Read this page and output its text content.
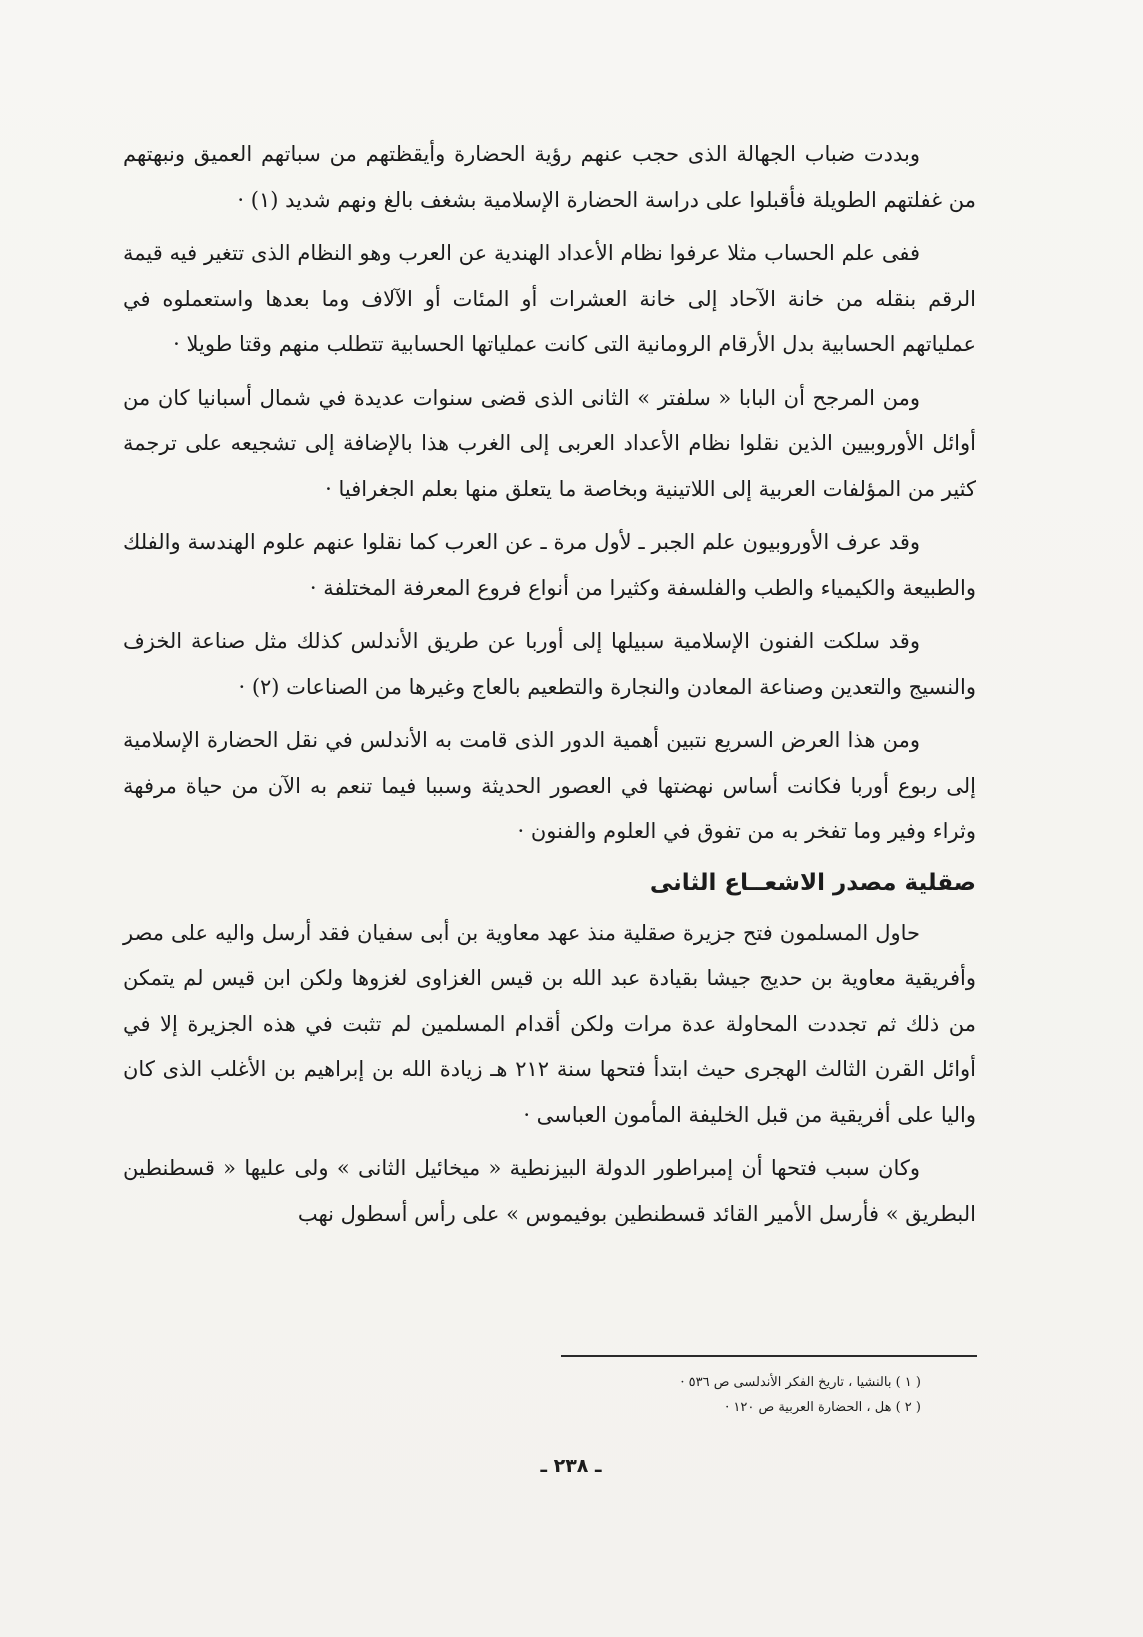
وبددت ضباب الجهالة الذى حجب عنهم رؤية الحضارة وأيقظتهم من سباتهم العميق ونبهتهم من غفلتهم الطويلة فأقبلوا على دراسة الحضارة الإسلامية بشغف بالغ ونهم شديد (١) ·

ففى علم الحساب مثلا عرفوا نظام الأعداد الهندية عن العرب وهو النظام الذى تتغير فيه قيمة الرقم بنقله من خانة الآحاد إلى خانة العشرات أو المئات أو الآلاف وما بعدها واستعملوه في عملياتهم الحسابية بدل الأرقام الرومانية التى كانت عملياتها الحسابية تتطلب منهم وقتا طويلا ·

ومن المرجح أن البابا « سلفتر » الثانى الذى قضى سنوات عديدة في شمال أسبانيا كان من أوائل الأوروبيين الذين نقلوا نظام الأعداد العربى إلى الغرب هذا بالإضافة إلى تشجيعه على ترجمة كثير من المؤلفات العربية إلى اللاتينية وبخاصة ما يتعلق منها بعلم الجغرافيا ·

وقد عرف الأوروبيون علم الجبر ـ لأول مرة ـ عن العرب كما نقلوا عنهم علوم الهندسة والفلك والطبيعة والكيمياء والطب والفلسفة وكثيرا من أنواع فروع المعرفة المختلفة ·

وقد سلكت الفنون الإسلامية سبيلها إلى أوربا عن طريق الأندلس كذلك مثل صناعة الخزف والنسيج والتعدين وصناعة المعادن والنجارة والتطعيم بالعاج وغيرها من الصناعات (٢) ·

ومن هذا العرض السريع نتبين أهمية الدور الذى قامت به الأندلس في نقل الحضارة الإسلامية إلى ربوع أوربا فكانت أساس نهضتها في العصور الحديثة وسببا فيما تنعم به الآن من حياة مرفهة وثراء وفير وما تفخر به من تفوق في العلوم والفنون ·

صقلية مصدر الاشعــاع الثانى

حاول المسلمون فتح جزيرة صقلية منذ عهد معاوية بن أبى سفيان فقد أرسل واليه على مصر وأفريقية معاوية بن حديج جيشا بقيادة عبد الله بن قيس الغزاوى لغزوها ولكن ابن قيس لم يتمكن من ذلك ثم تجددت المحاولة عدة مرات ولكن أقدام المسلمين لم تثبت في هذه الجزيرة إلا في أوائل القرن الثالث الهجرى حيث ابتدأ فتحها سنة ٢١٢ هـ زيادة الله بن إبراهيم بن الأغلب الذى كان واليا على أفريقية من قبل الخليفة المأمون العباسى ·

وكان سبب فتحها أن إمبراطور الدولة البيزنطية « ميخائيل الثانى » ولى عليها « قسطنطين البطريق » فأرسل الأمير القائد قسطنطين بوفيموس » على رأس أسطول نهب

( ١ ) بالنشيا ، تاريخ الفكر الأندلسى ص ٥٣٦ ·
( ٢ ) هل ، الحضارة العربية ص ١٢٠ ·
ـ ٢٣٨ ـ
